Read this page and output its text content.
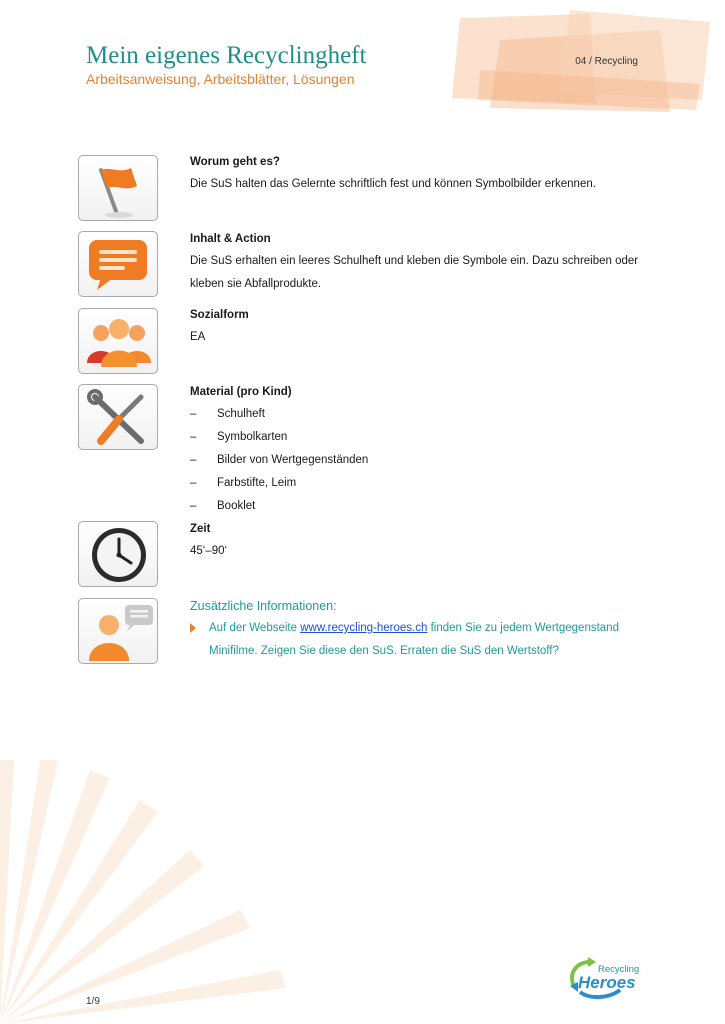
Mein eigenes Recyclingheft
Arbeitsanweisung, Arbeitsblätter, Lösungen
04 / Recycling
Worum geht es?
Die SuS halten das Gelernte schriftlich fest und können Symbolbilder erkennen.
Inhalt & Action
Die SuS erhalten ein leeres Schulheft und kleben die Symbole ein. Dazu schreiben oder
kleben sie Abfallprodukte.
Sozialform
EA
Material (pro Kind)
– Schulheft
– Symbolkarten
– Bilder von Wertgegenständen
– Farbstifte, Leim
– Booklet
Zeit
45‘–90‘
Zusätzliche Informationen:
Auf der Webseite www.recycling-heroes.ch finden Sie zu jedem Wertgegenstand
Minifilme. Zeigen Sie diese den SuS. Erraten die SuS den Wertstoff?
1/9
Recycling
Heroes
